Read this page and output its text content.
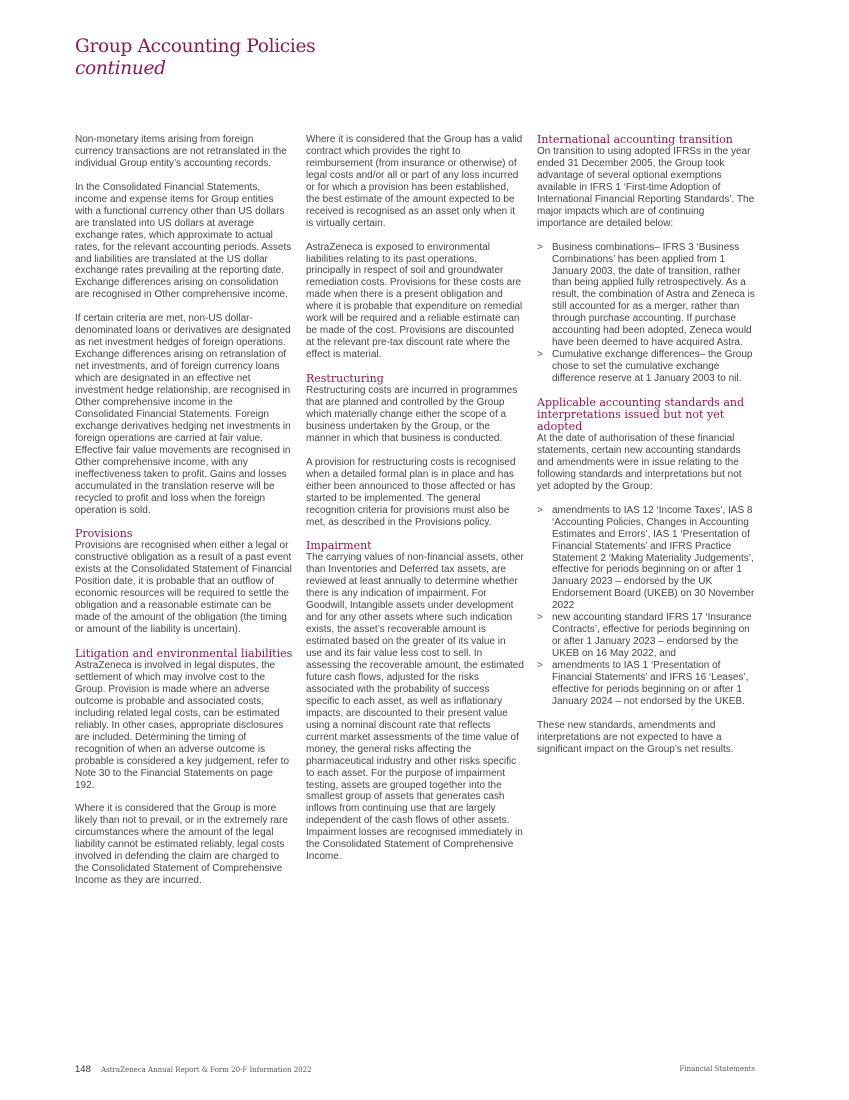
Group Accounting Policies
continued

Non-monetary items arising from foreign currency transactions are not retranslated in the individual Group entity’s accounting records.

In the Consolidated Financial Statements, income and expense items for Group entities with a functional currency other than US dollars are translated into US dollars at average exchange rates, which approximate to actual rates, for the relevant accounting periods. Assets and liabilities are translated at the US dollar exchange rates prevailing at the reporting date. Exchange differences arising on consolidation are recognised in Other comprehensive income.

If certain criteria are met, non-US dollar-denominated loans or derivatives are designated as net investment hedges of foreign operations. Exchange differences arising on retranslation of net investments, and of foreign currency loans which are designated in an effective net investment hedge relationship, are recognised in Other comprehensive income in the Consolidated Financial Statements. Foreign exchange derivatives hedging net investments in foreign operations are carried at fair value. Effective fair value movements are recognised in Other comprehensive income, with any ineffectiveness taken to profit. Gains and losses accumulated in the translation reserve will be recycled to profit and loss when the foreign operation is sold.

Provisions

Provisions are recognised when either a legal or constructive obligation as a result of a past event exists at the Consolidated Statement of Financial Position date, it is probable that an outflow of economic resources will be required to settle the obligation and a reasonable estimate can be made of the amount of the obligation (the timing or amount of the liability is uncertain).

Litigation and environmental liabilities

AstraZeneca is involved in legal disputes, the settlement of which may involve cost to the Group. Provision is made where an adverse outcome is probable and associated costs, including related legal costs, can be estimated reliably. In other cases, appropriate disclosures are included. Determining the timing of recognition of when an adverse outcome is probable is considered a key judgement, refer to Note 30 to the Financial Statements on page 192.

Where it is considered that the Group is more likely than not to prevail, or in the extremely rare circumstances where the amount of the legal liability cannot be estimated reliably, legal costs involved in defending the claim are charged to the Consolidated Statement of Comprehensive Income as they are incurred.

Where it is considered that the Group has a valid contract which provides the right to reimbursement (from insurance or otherwise) of legal costs and/or all or part of any loss incurred or for which a provision has been established, the best estimate of the amount expected to be received is recognised as an asset only when it is virtually certain.

AstraZeneca is exposed to environmental liabilities relating to its past operations, principally in respect of soil and groundwater remediation costs. Provisions for these costs are made when there is a present obligation and where it is probable that expenditure on remedial work will be required and a reliable estimate can be made of the cost. Provisions are discounted at the relevant pre-tax discount rate where the effect is material.

Restructuring

Restructuring costs are incurred in programmes that are planned and controlled by the Group which materially change either the scope of a business undertaken by the Group, or the manner in which that business is conducted.

A provision for restructuring costs is recognised when a detailed formal plan is in place and has either been announced to those affected or has started to be implemented. The general recognition criteria for provisions must also be met, as described in the Provisions policy.

Impairment

The carrying values of non-financial assets, other than Inventories and Deferred tax assets, are reviewed at least annually to determine whether there is any indication of impairment. For Goodwill, Intangible assets under development and for any other assets where such indication exists, the asset’s recoverable amount is estimated based on the greater of its value in use and its fair value less cost to sell. In assessing the recoverable amount, the estimated future cash flows, adjusted for the risks associated with the probability of success specific to each asset, as well as inflationary impacts, are discounted to their present value using a nominal discount rate that reflects current market assessments of the time value of money, the general risks affecting the pharmaceutical industry and other risks specific to each asset. For the purpose of impairment testing, assets are grouped together into the smallest group of assets that generates cash inflows from continuing use that are largely independent of the cash flows of other assets. Impairment losses are recognised immediately in the Consolidated Statement of Comprehensive Income.

International accounting transition

On transition to using adopted IFRSs in the year ended 31 December 2005, the Group took advantage of several optional exemptions available in IFRS 1 ‘First-time Adoption of International Financial Reporting Standards’. The major impacts which are of continuing importance are detailed below:

> Business combinations– IFRS 3 ‘Business Combinations’ has been applied from 1 January 2003, the date of transition, rather than being applied fully retrospectively. As a result, the combination of Astra and Zeneca is still accounted for as a merger, rather than through purchase accounting. If purchase accounting had been adopted, Zeneca would have been deemed to have acquired Astra.
> Cumulative exchange differences– the Group chose to set the cumulative exchange difference reserve at 1 January 2003 to nil.
Applicable accounting standards and interpretations issued but not yet adopted

At the date of authorisation of these financial statements, certain new accounting standards and amendments were in issue relating to the following standards and interpretations but not yet adopted by the Group:

> amendments to IAS 12 ‘Income Taxes’, IAS 8 ‘Accounting Policies, Changes in Accounting Estimates and Errors’, IAS 1 ‘Presentation of Financial Statements’ and IFRS Practice Statement 2 ‘Making Materiality Judgements’, effective for periods beginning on or after 1 January 2023 – endorsed by the UK Endorsement Board (UKEB) on 30 November 2022
> new accounting standard IFRS 17 ‘Insurance Contracts’, effective for periods beginning on or after 1 January 2023 – endorsed by the UKEB on 16 May 2022, and
> amendments to IAS 1 ‘Presentation of Financial Statements’ and IFRS 16 ‘Leases’, effective for periods beginning on or after 1 January 2024 – not endorsed by the UKEB.

These new standards, amendments and interpretations are not expected to have a significant impact on the Group’s net results.

148 AstraZeneca Annual Report & Form 20-F Information 2022	Financial Statements
